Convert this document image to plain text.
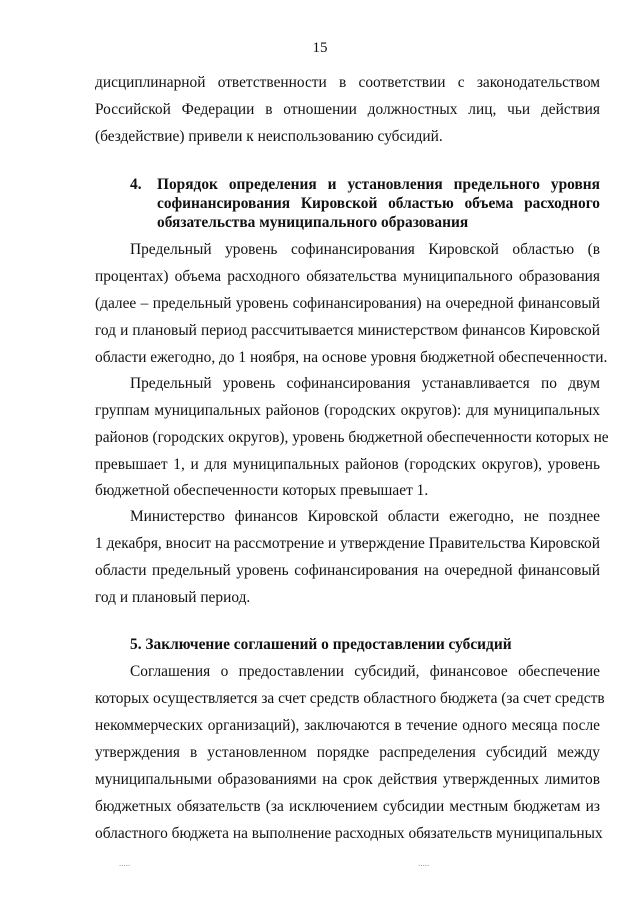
15
дисциплинарной ответственности в соответствии с законодательством
Российской Федерации в отношении должностных лиц, чьи действия
(бездействие) привели к неиспользованию субсидий.
4. Порядок определения и установления предельного уровня
софинансирования Кировской областью объема расходного
обязательства муниципального образования
Предельный уровень софинансирования Кировской областью (в
процентах) объема расходного обязательства муниципального образования
(далее – предельный уровень софинансирования) на очередной финансовый
год и плановый период рассчитывается министерством финансов Кировской
области ежегодно, до 1 ноября, на основе уровня бюджетной обеспеченности.
Предельный уровень софинансирования устанавливается по двум
группам муниципальных районов (городских округов): для муниципальных
районов (городских округов), уровень бюджетной обеспеченности которых не
превышает 1, и для муниципальных районов (городских округов), уровень
бюджетной обеспеченности которых превышает 1.
Министерство финансов Кировской области ежегодно, не позднее
1 декабря, вносит на рассмотрение и утверждение Правительства Кировской
области предельный уровень софинансирования на очередной финансовый
год и плановый период.
5. Заключение соглашений о предоставлении субсидий
Соглашения о предоставлении субсидий, финансовое обеспечение
которых осуществляется за счет средств областного бюджета (за счет средств
некоммерческих организаций), заключаются в течение одного месяца после
утверждения в установленном порядке распределения субсидий между
муниципальными образованиями на срок действия утвержденных лимитов
бюджетных обязательств (за исключением субсидии местным бюджетам из
областного бюджета на выполнение расходных обязательств муниципальных
.....	.....
